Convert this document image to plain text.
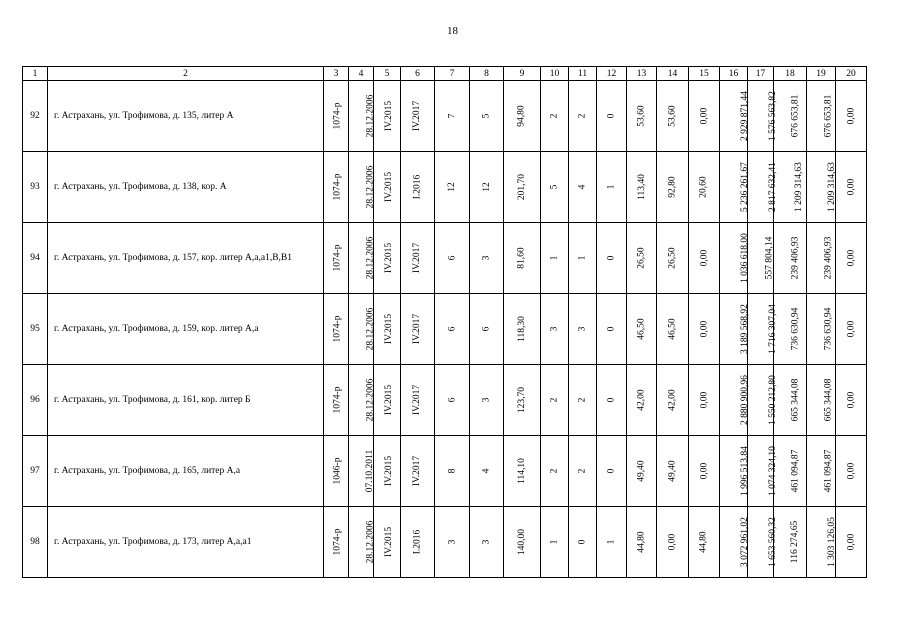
18
1	2	3	4	5	6	7	8	9	10	11	12	13	14	15	16	17	18	19	20
92	г. Астрахань, ул. Трофимова, д. 135, литер А	1074-р	28.12.2006	IV.2015	IV.2017	7	5	94,80	2	2	0	53,60	53,60	0,00	2 929 871,44	1 576 563,82	676 653,81	676 653,81	0,00
93	г. Астрахань, ул. Трофимова, д. 138, кор. А	1074-р	28.12.2006	IV.2015	I.2016	12	12	201,70	5	4	1	113,40	92,80	20,60	5 236 261,67	2 817 632,41	1 209 314,63	1 209 314,63	0,00
94	г. Астрахань, ул. Трофимова, д. 157, кор. литер А,а,а1,В,В1	1074-р	28.12.2006	IV.2015	IV.2017	6	3	81,60	1	1	0	26,50	26,50	0,00	1 036 618,00	557 804,14	239 406,93	239 406,93	0,00
95	г. Астрахань, ул. Трофимова, д. 159, кор. литер А,а	1074-р	28.12.2006	IV.2015	IV.2017	6	6	118,30	3	3	0	46,50	46,50	0,00	3 189 568,92	1 716 307,04	736 630,94	736 630,94	0,00
96	г. Астрахань, ул. Трофимова, д. 161, кор. литер Б	1074-р	28.12.2006	IV.2015	IV.2017	6	3	123,70	2	2	0	42,00	42,00	0,00	2 880 900,96	1 550 212,80	665 344,08	665 344,08	0,00
97	г. Астрахань, ул. Трофимова, д. 165, литер А,а	1046-р	07.10.2011	IV.2015	IV.2017	8	4	114,10	2	2	0	49,40	49,40	0,00	1 996 513,84	1 074 324,10	461 094,87	461 094,87	0,00
98	г. Астрахань, ул. Трофимова, д. 173, литер А,а,а1	1074-р	28.12.2006	IV.2015	I.2016	3	3	140,00	1	0	1	44,80	0,00	44,80	3 072 961,02	1 653 560,32	116 274,65	1 303 126,05	0,00
